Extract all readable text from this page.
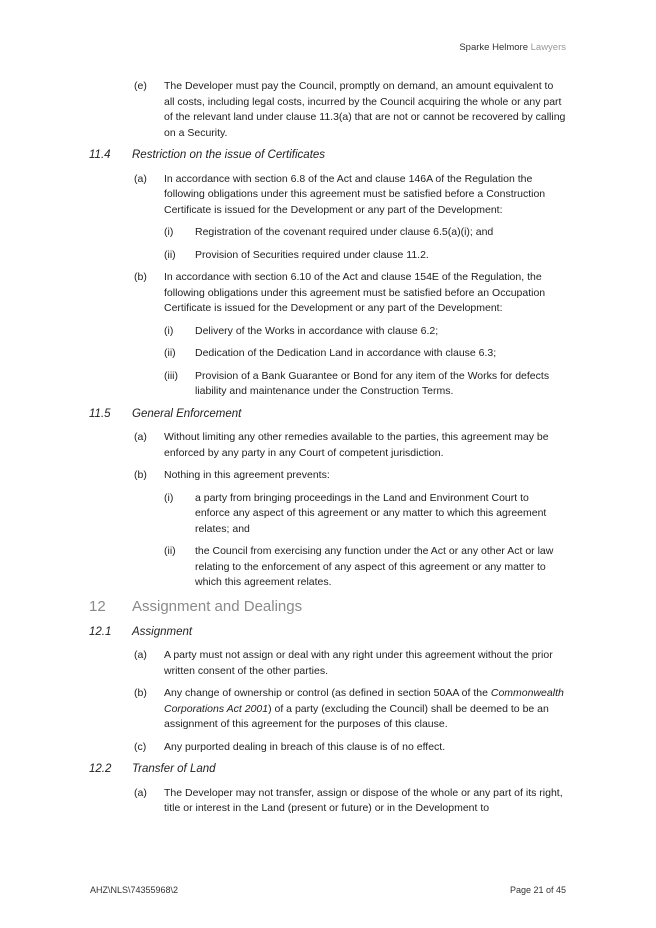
Sparke Helmore Lawyers
(e) The Developer must pay the Council, promptly on demand, an amount equivalent to all costs, including legal costs, incurred by the Council acquiring the whole or any part of the relevant land under clause 11.3(a) that are not or cannot be recovered by calling on a Security.
11.4 Restriction on the issue of Certificates
(a) In accordance with section 6.8 of the Act and clause 146A of the Regulation the following obligations under this agreement must be satisfied before a Construction Certificate is issued for the Development or any part of the Development:
(i) Registration of the covenant required under clause 6.5(a)(i); and
(ii) Provision of Securities required under clause 11.2.
(b) In accordance with section 6.10 of the Act and clause 154E of the Regulation, the following obligations under this agreement must be satisfied before an Occupation Certificate is issued for the Development or any part of the Development:
(i) Delivery of the Works in accordance with clause 6.2;
(ii) Dedication of the Dedication Land in accordance with clause 6.3;
(iii) Provision of a Bank Guarantee or Bond for any item of the Works for defects liability and maintenance under the Construction Terms.
11.5 General Enforcement
(a) Without limiting any other remedies available to the parties, this agreement may be enforced by any party in any Court of competent jurisdiction.
(b) Nothing in this agreement prevents:
(i) a party from bringing proceedings in the Land and Environment Court to enforce any aspect of this agreement or any matter to which this agreement relates; and
(ii) the Council from exercising any function under the Act or any other Act or law relating to the enforcement of any aspect of this agreement or any matter to which this agreement relates.
12 Assignment and Dealings
12.1 Assignment
(a) A party must not assign or deal with any right under this agreement without the prior written consent of the other parties.
(b) Any change of ownership or control (as defined in section 50AA of the Commonwealth Corporations Act 2001) of a party (excluding the Council) shall be deemed to be an assignment of this agreement for the purposes of this clause.
(c) Any purported dealing in breach of this clause is of no effect.
12.2 Transfer of Land
(a) The Developer may not transfer, assign or dispose of the whole or any part of its right, title or interest in the Land (present or future) or in the Development to
AHZ\NLS\74355968\2	Page 21 of 45
